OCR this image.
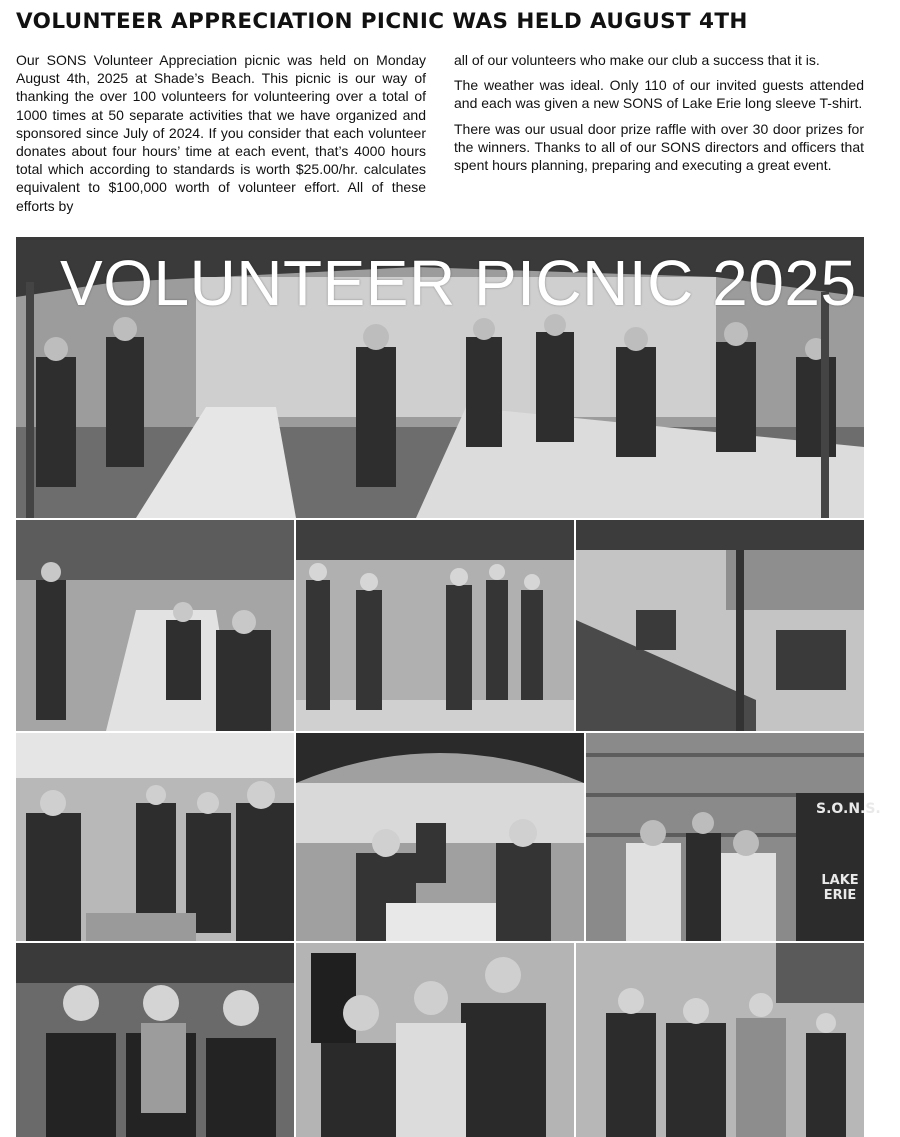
VOLUNTEER APPRECIATION PICNIC WAS HELD AUGUST 4TH

Our SONS Volunteer Appreciation picnic was held on Monday August 4th, 2025 at Shade’s Beach. This picnic is our way of thanking the over 100 volunteers for volunteering over a total of 1000 times at 50 separate activities that we have organized and sponsored since July of 2024. If you consider that each volunteer donates about four hours’ time at each event, that’s 4000 hours total which according to standards is worth $25.00/hr. calculates equivalent to $100,000 worth of volunteer effort. All of these efforts by

all of our volunteers who make our club a success that it is.

The weather was ideal. Only 110 of our invited guests attended and each was given a new SONS of Lake Erie long sleeve T-shirt.

There was our usual door prize raffle with over 30 door prizes for the winners. Thanks to all of our SONS directors and officers that spent hours planning, preparing and executing a great event.

VOLUNTEER PICNIC 2025
S.O.N.S.
LAKE ERIE
